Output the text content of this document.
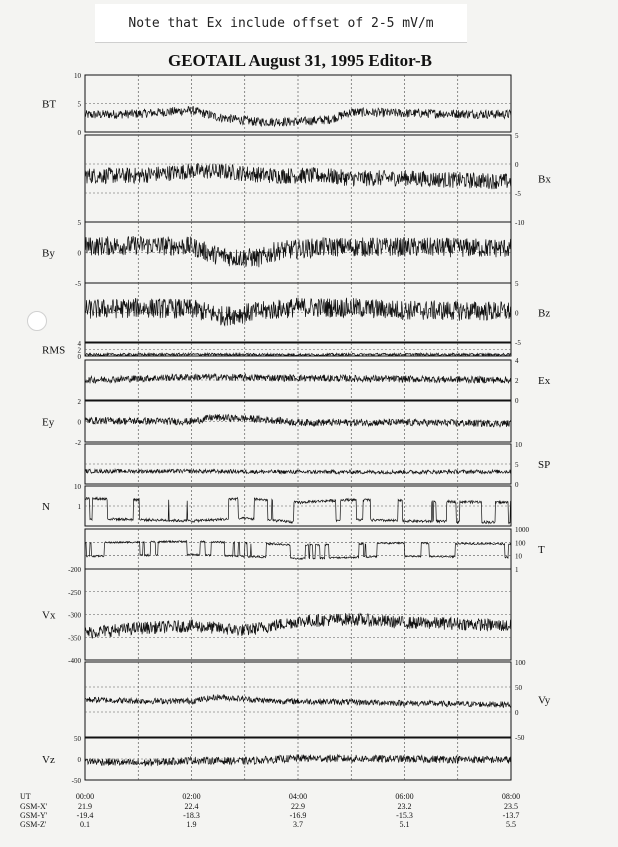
Note that Ex include offset of 2-5 mV/m
GEOTAIL August 31, 1995 Editor-B
10
5
0
BT
5
0
-5
-10
Bx
5
0
-5
By
5
0
-5
Bz
4
2
0
RMS
4
2
0
Ex
2
0
-2
Ey
10
5
0
SP
10
1
N
1000
100
10
1
T
-200
-250
-300
-350
-400
Vx
100
50
0
-50
Vy
50
0
-50
Vz
UT	00:00	02:00	04:00	06:00	08:00
GSM-X'	21.9	22.4	22.9	23.2	23.5
GSM-Y'	-19.4	-18.3	-16.9	-15.3	-13.7
GSM-Z'	0.1	1.9	3.7	5.1	5.5
